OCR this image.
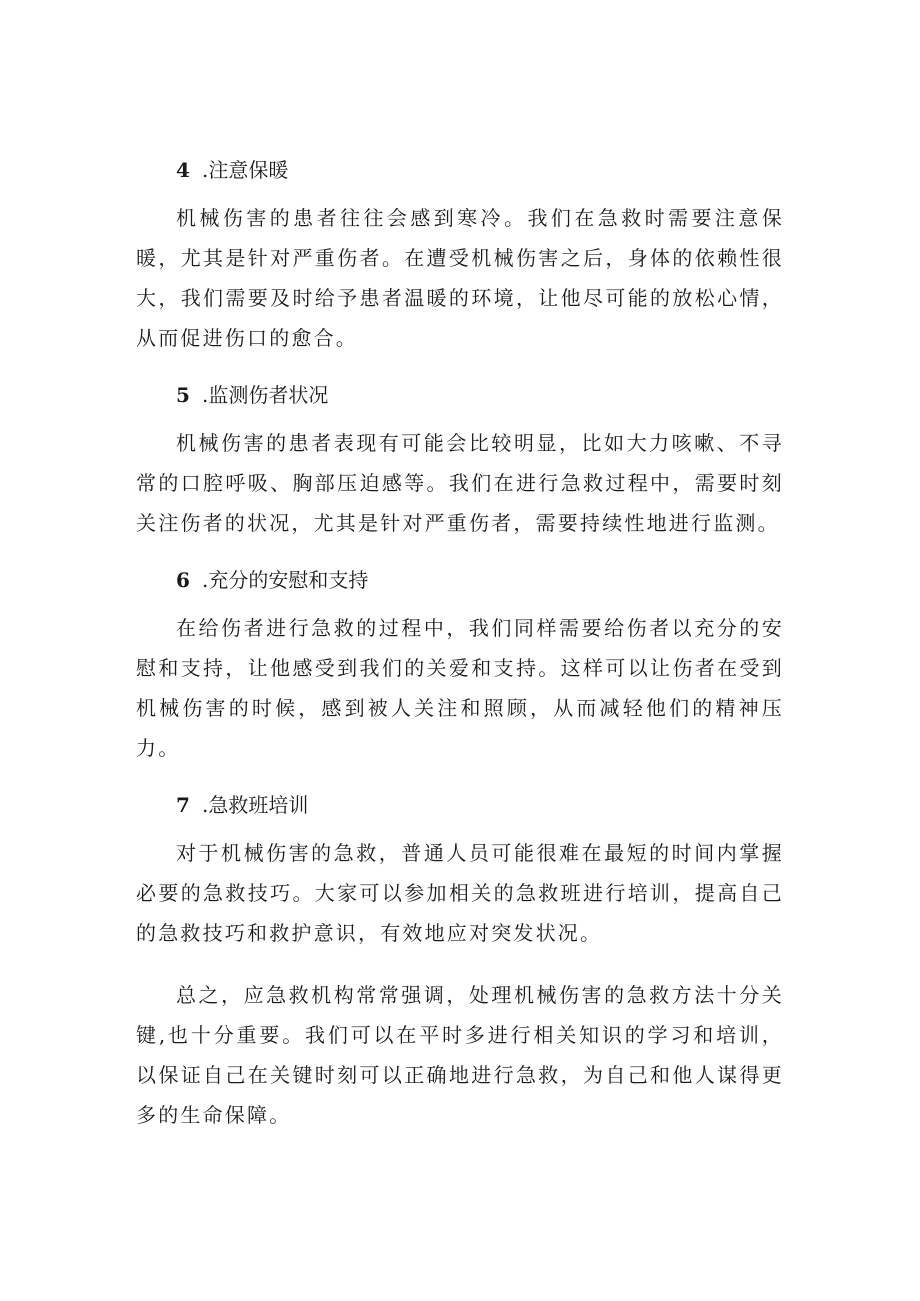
4 .注意保暖

机械伤害的患者往往会感到寒冷。我们在急救时需要注意保暖，尤其是针对严重伤者。在遭受机械伤害之后，身体的依赖性很大，我们需要及时给予患者温暖的环境，让他尽可能的放松心情，从而促进伤口的愈合。

5 .监测伤者状况

机械伤害的患者表现有可能会比较明显，比如大力咳嗽、不寻常的口腔呼吸、胸部压迫感等。我们在进行急救过程中，需要时刻关注伤者的状况，尤其是针对严重伤者，需要持续性地进行监测。

6 .充分的安慰和支持

在给伤者进行急救的过程中，我们同样需要给伤者以充分的安慰和支持，让他感受到我们的关爱和支持。这样可以让伤者在受到机械伤害的时候，感到被人关注和照顾，从而减轻他们的精神压力。

7 .急救班培训

对于机械伤害的急救，普通人员可能很难在最短的时间内掌握必要的急救技巧。大家可以参加相关的急救班进行培训，提高自己的急救技巧和救护意识，有效地应对突发状况。

总之，应急救机构常常强调，处理机械伤害的急救方法十分关键,也十分重要。我们可以在平时多进行相关知识的学习和培训，以保证自己在关键时刻可以正确地进行急救，为自己和他人谋得更多的生命保障。
